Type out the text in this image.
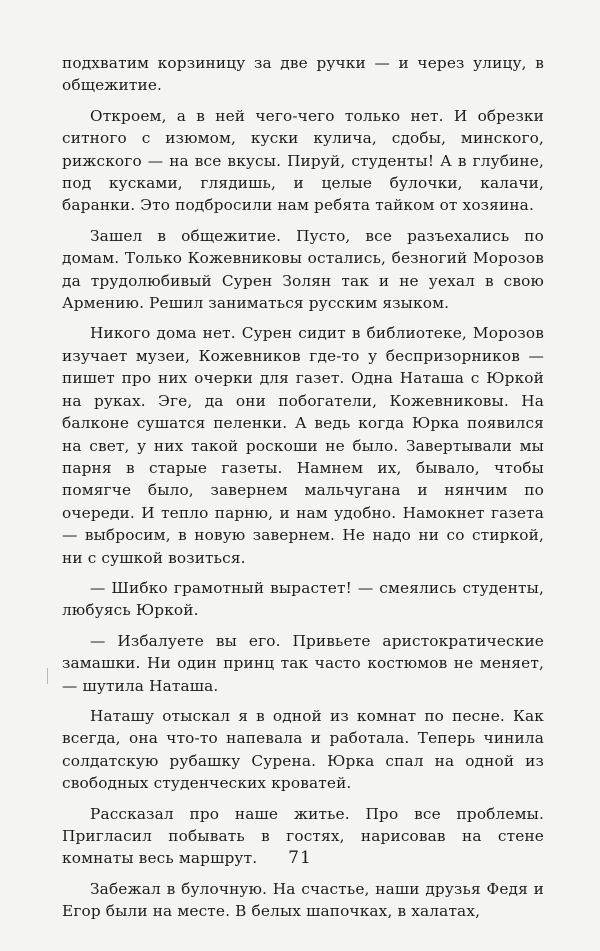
подхватим корзиницу за две ручки — и через улицу, в общежитие.

Откроем, а в ней чего-чего только нет. И обрезки ситного с изюмом, куски кулича, сдобы, минского, рижского — на все вкусы. Пируй, студенты! А в глубине, под кусками, глядишь, и целые булочки, калачи, баранки. Это подбросили нам ребята тайком от хозяина.

Зашел в общежитие. Пусто, все разъехались по домам. Только Кожевниковы остались, безногий Морозов да трудолюбивый Сурен Золян так и не уехал в свою Армению. Решил заниматься русским языком.

Никого дома нет. Сурен сидит в библиотеке, Морозов изучает музеи, Кожевников где-то у беспризорников — пишет про них очерки для газет. Одна Наташа с Юркой на руках. Эге, да они побогатели, Кожевниковы. На балконе сушатся пеленки. А ведь когда Юрка появился на свет, у них такой роскоши не было. Завертывали мы парня в старые газеты. Намнем их, бывало, чтобы помягче было, завернем мальчугана и нянчим по очереди. И тепло парню, и нам удобно. Намокнет газета — выбросим, в новую завернем. Не надо ни со стиркой, ни с сушкой возиться.

— Шибко грамотный вырастет! — смеялись студенты, любуясь Юркой.

— Избалуете вы его. Привьете аристократические замашки. Ни один принц так часто костюмов не меняет,— шутила Наташа.

Наташу отыскал я в одной из комнат по песне. Как всегда, она что-то напевала и работала. Теперь чинила солдатскую рубашку Сурена. Юрка спал на одной из свободных студенческих кроватей.

Рассказал про наше житье. Про все проблемы. Пригласил побывать в гостях, нарисовав на стене комнаты весь маршрут.

Забежал в булочную. На счастье, наши друзья Федя и Егор были на месте. В белых шапочках, в халатах,

71
